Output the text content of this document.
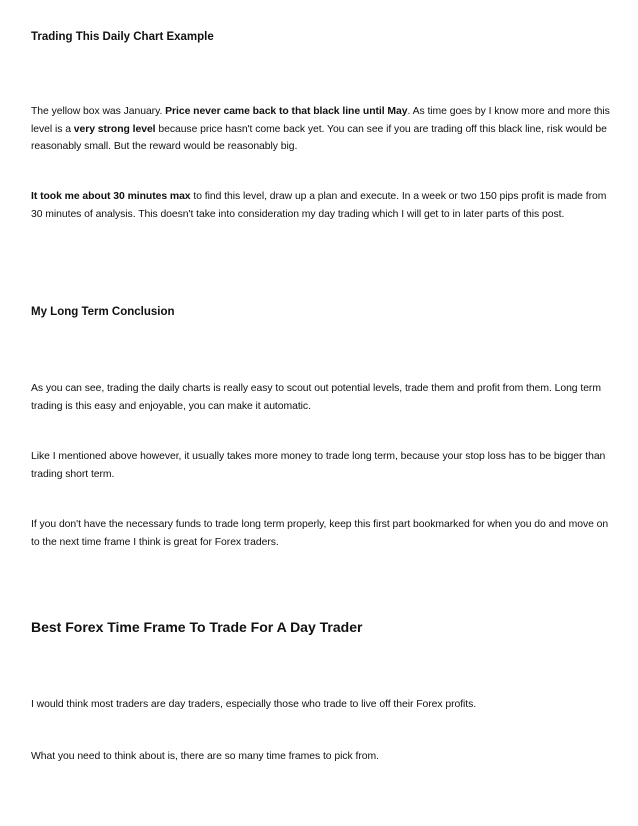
Trading This Daily Chart Example

The yellow box was January. Price never came back to that black line until May. As time goes by I know more and more this level is a very strong level because price hasn't come back yet. You can see if you are trading off this black line, risk would be reasonably small. But the reward would be reasonably big.

It took me about 30 minutes max to find this level, draw up a plan and execute. In a week or two 150 pips profit is made from 30 minutes of analysis. This doesn't take into consideration my day trading which I will get to in later parts of this post.

My Long Term Conclusion

As you can see, trading the daily charts is really easy to scout out potential levels, trade them and profit from them. Long term trading is this easy and enjoyable, you can make it automatic.

Like I mentioned above however, it usually takes more money to trade long term, because your stop loss has to be bigger than trading short term.

If you don't have the necessary funds to trade long term properly, keep this first part bookmarked for when you do and move on to the next time frame I think is great for Forex traders.

Best Forex Time Frame To Trade For A Day Trader

I would think most traders are day traders, especially those who trade to live off their Forex profits.

What you need to think about is, there are so many time frames to pick from.
